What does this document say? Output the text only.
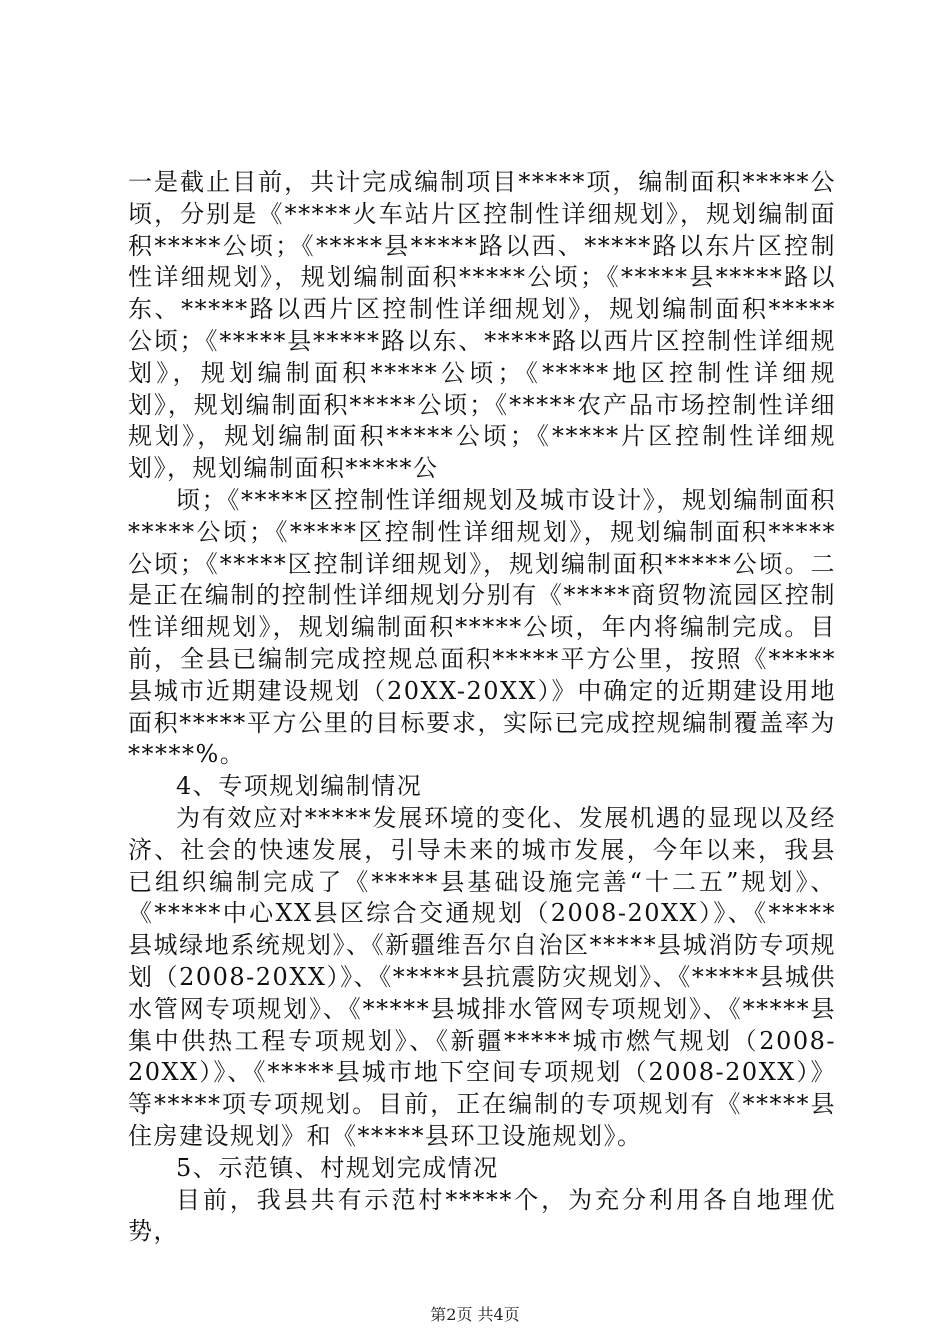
一是截止目前，共计完成编制项目*****项，编制面积*****公顷，分别是《*****火车站片区控制性详细规划》，规划编制面积*****公顷；《*****县*****路以西、*****路以东片区控制性详细规划》，规划编制面积*****公顷；《*****县*****路以东、*****路以西片区控制性详细规划》，规划编制面积*****公顷；《*****县*****路以东、*****路以西片区控制性详细规划》，规划编制面积*****公顷；《*****地区控制性详细规划》，规划编制面积*****公顷；《*****农产品市场控制性详细规划》，规划编制面积*****公顷；《*****片区控制性详细规划》，规划编制面积*****公

顷；《*****区控制性详细规划及城市设计》，规划编制面积*****公顷；《*****区控制性详细规划》，规划编制面积*****公顷；《*****区控制详细规划》，规划编制面积*****公顷。二是正在编制的控制性详细规划分别有《*****商贸物流园区控制性详细规划》，规划编制面积*****公顷，年内将编制完成。目前，全县已编制完成控规总面积*****平方公里，按照《*****县城市近期建设规划（20XX-20XX）》中确定的近期建设用地面积*****平方公里的目标要求，实际已完成控规编制覆盖率为*****%。

4、专项规划编制情况

为有效应对*****发展环境的变化、发展机遇的显现以及经济、社会的快速发展，引导未来的城市发展，今年以来，我县已组织编制完成了《*****县基础设施完善“十二五”规划》、《*****中心XX县区综合交通规划（2008-20XX）》、《*****县城绿地系统规划》、《新疆维吾尔自治区*****县城消防专项规划（2008-20XX）》、《*****县抗震防灾规划》、《*****县城供水管网专项规划》、《*****县城排水管网专项规划》、《*****县集中供热工程专项规划》、《新疆*****城市燃气规划（2008-20XX）》、《*****县城市地下空间专项规划（2008-20XX）》等*****项专项规划。目前，正在编制的专项规划有《*****县住房建设规划》和《*****县环卫设施规划》。

5、示范镇、村规划完成情况

目前，我县共有示范村*****个，为充分利用各自地理优势，

第2页 共4页
